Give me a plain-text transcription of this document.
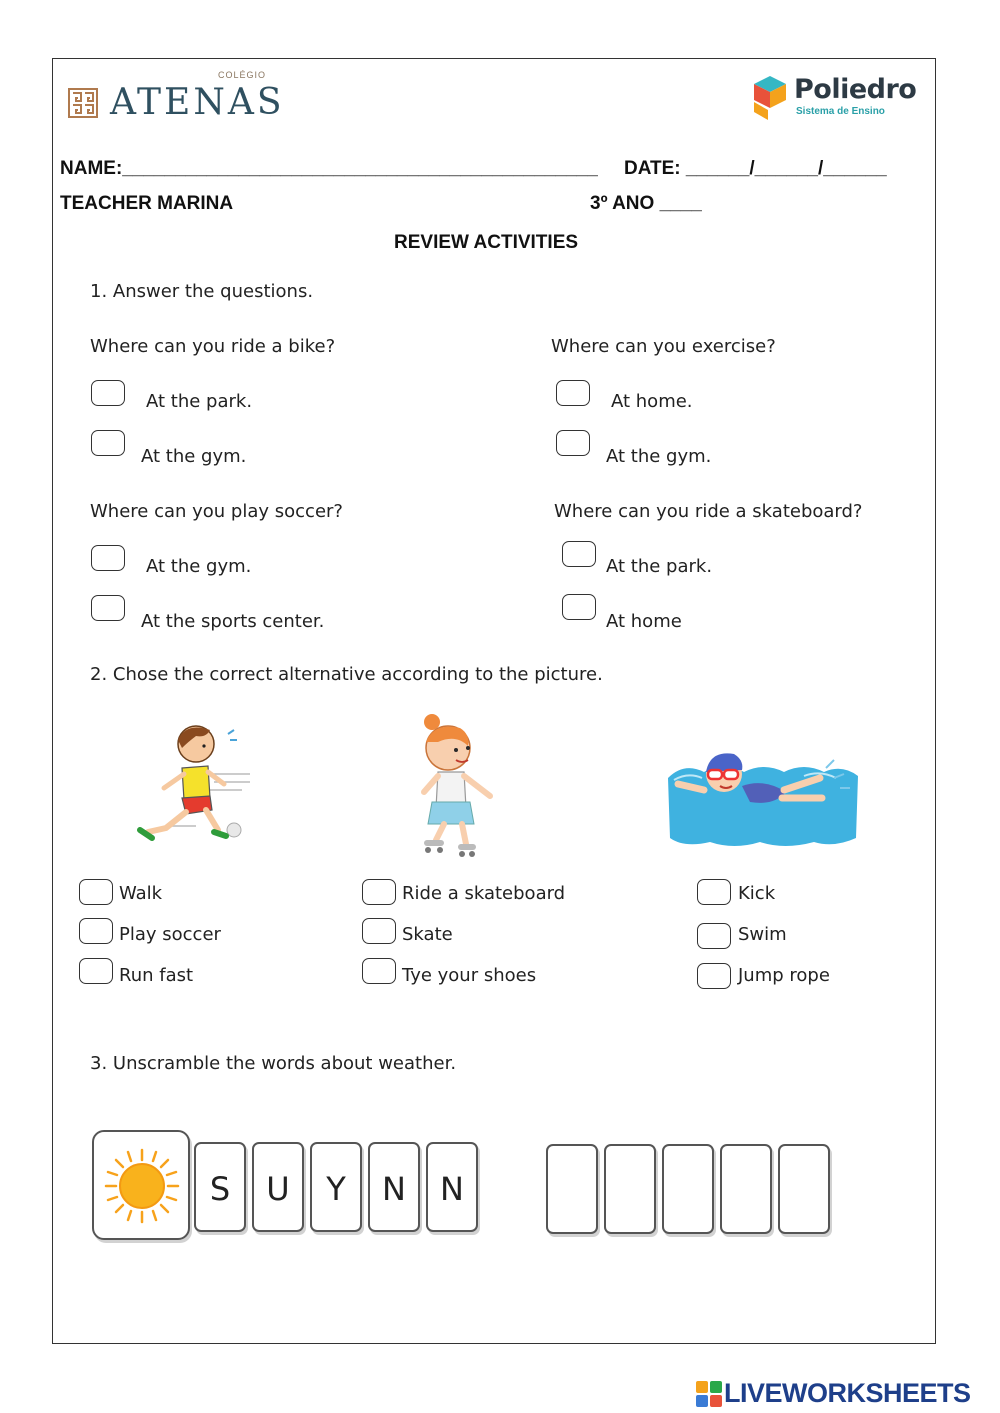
COLÉGIO
ATENAS	Poliedro
Sistema de Ensino
NAME:_____________________________________________ DATE: ______/______/______
TEACHER MARINA	3º ANO ____
REVIEW ACTIVITIES
1. Answer the questions.
Where can you ride a bike?
At the park.
At the gym.
Where can you exercise?
At home.
At the gym.
Where can you play soccer?
At the gym.
At the sports center.
Where can you ride a skateboard?
At the park.
At home
2. Chose the correct alternative according to the picture.
Walk
Play soccer
Run fast
Ride a skateboard
Skate
Tye your shoes
Kick
Swim
Jump rope
3. Unscramble the words about weather.
S	U	Y	N	N
LIVEWORKSHEETS
